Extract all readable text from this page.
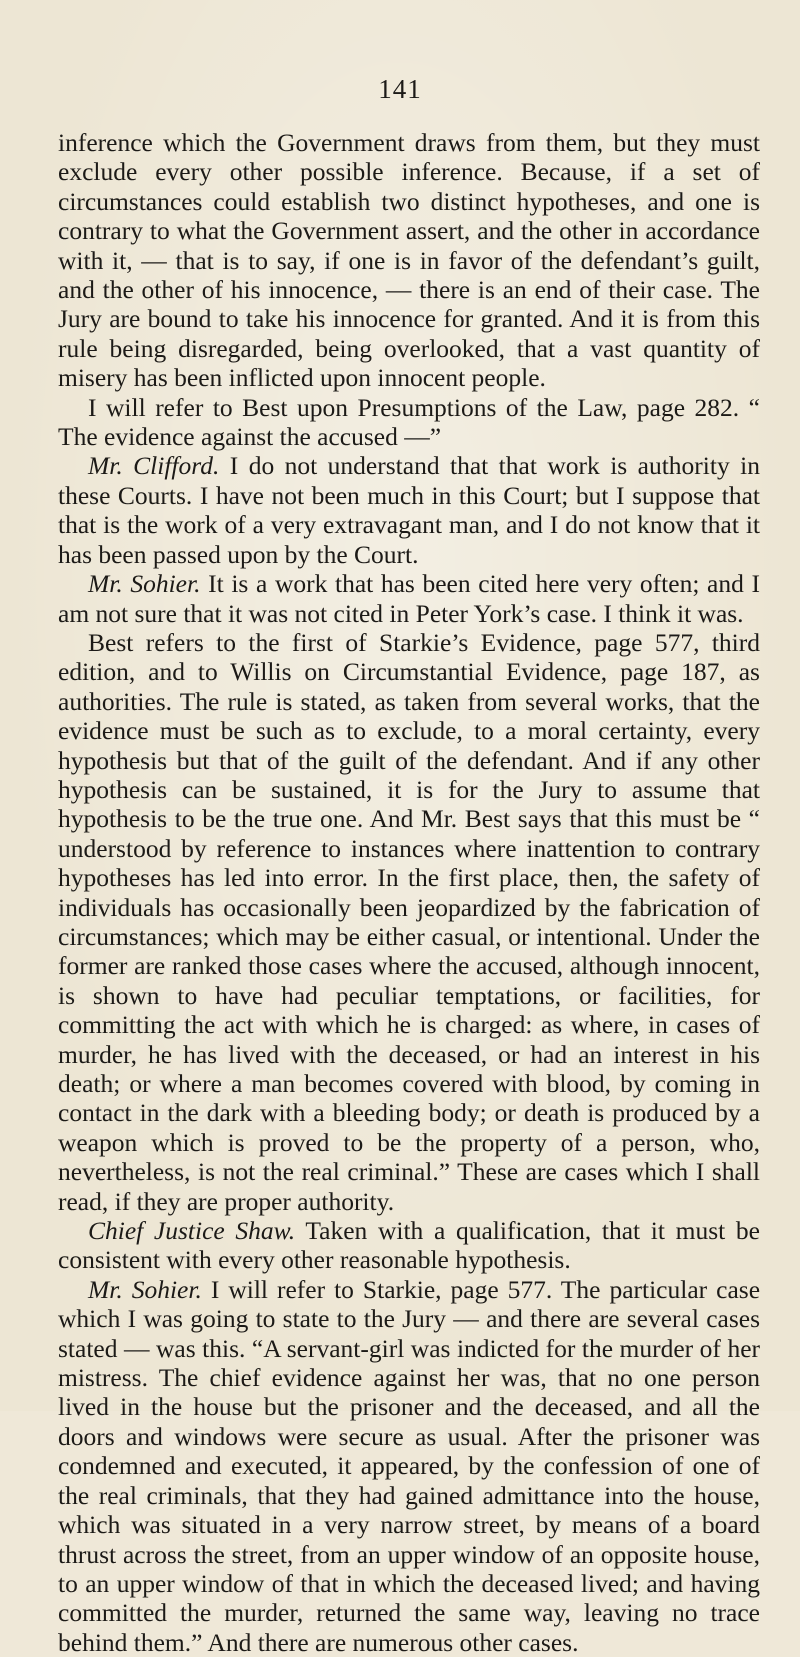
141

inference which the Government draws from them, but they must exclude every other possible inference. Because, if a set of circumstances could establish two distinct hypotheses, and one is contrary to what the Government assert, and the other in accordance with it, — that is to say, if one is in favor of the defendant’s guilt, and the other of his innocence, — there is an end of their case. The Jury are bound to take his innocence for granted. And it is from this rule being disregarded, being overlooked, that a vast quantity of misery has been inflicted upon innocent people.

I will refer to Best upon Presumptions of the Law, page 282. “ The evidence against the accused —”

Mr. Clifford. I do not understand that that work is authority in these Courts. I have not been much in this Court; but I suppose that that is the work of a very extravagant man, and I do not know that it has been passed upon by the Court.

Mr. Sohier. It is a work that has been cited here very often; and I am not sure that it was not cited in Peter York’s case. I think it was.

Best refers to the first of Starkie’s Evidence, page 577, third edition, and to Willis on Circumstantial Evidence, page 187, as authorities. The rule is stated, as taken from several works, that the evidence must be such as to exclude, to a moral certainty, every hypothesis but that of the guilt of the defendant. And if any other hypothesis can be sustained, it is for the Jury to assume that hypothesis to be the true one. And Mr. Best says that this must be “ understood by reference to instances where inattention to contrary hypotheses has led into error. In the first place, then, the safety of individuals has occasionally been jeopardized by the fabrication of circumstances; which may be either casual, or intentional. Under the former are ranked those cases where the accused, although innocent, is shown to have had peculiar temptations, or facilities, for committing the act with which he is charged: as where, in cases of murder, he has lived with the deceased, or had an interest in his death; or where a man becomes covered with blood, by coming in contact in the dark with a bleeding body; or death is produced by a weapon which is proved to be the property of a person, who, nevertheless, is not the real criminal.” These are cases which I shall read, if they are proper authority.

Chief Justice Shaw. Taken with a qualification, that it must be consistent with every other reasonable hypothesis.

Mr. Sohier. I will refer to Starkie, page 577. The particular case which I was going to state to the Jury — and there are several cases stated — was this. “A servant-girl was indicted for the murder of her mistress. The chief evidence against her was, that no one person lived in the house but the prisoner and the deceased, and all the doors and windows were secure as usual. After the prisoner was condemned and executed, it appeared, by the confession of one of the real criminals, that they had gained admittance into the house, which was situated in a very narrow street, by means of a board thrust across the street, from an upper window of an opposite house, to an upper window of that in which the deceased lived; and having committed the murder, returned the same way, leaving no trace behind them.” And there are numerous other cases.
